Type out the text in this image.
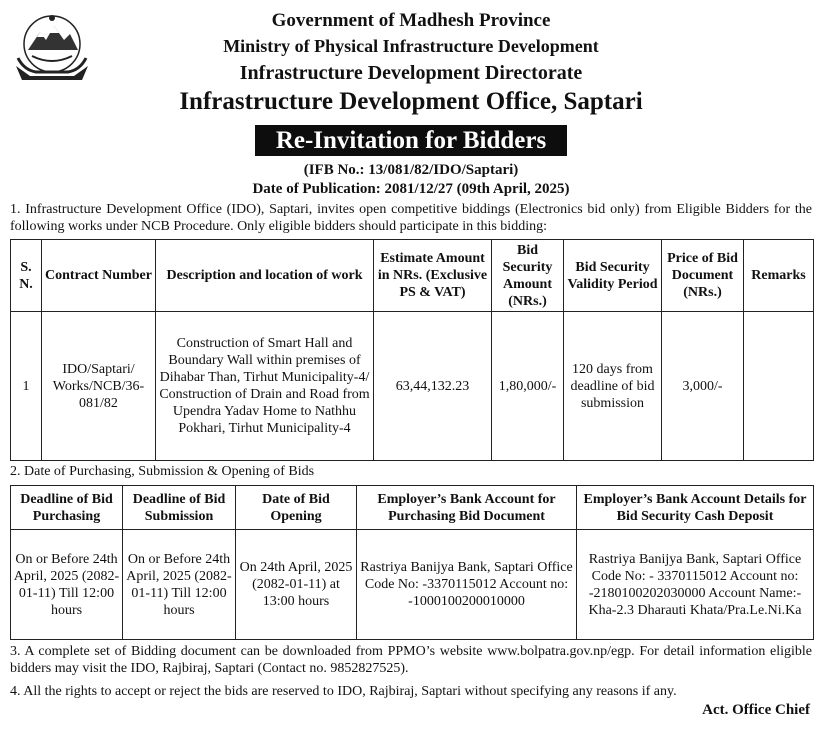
Government of Madhesh Province
Ministry of Physical Infrastructure Development
Infrastructure Development Directorate
Infrastructure Development Office, Saptari
Re-Invitation for Bidders
(IFB No.: 13/081/82/IDO/Saptari)
Date of Publication: 2081/12/27 (09th April, 2025)
1. Infrastructure Development Office (IDO), Saptari, invites open competitive biddings (Electronics bid only) from Eligible Bidders for the following works under NCB Procedure. Only eligible bidders should participate in this bidding:
S. N.	Contract Number	Description and location of work	Estimate Amount in NRs. (Exclusive PS & VAT)	Bid Security Amount (NRs.)	Bid Security Validity Period	Price of Bid Document (NRs.)	Remarks
1	IDO/Saptari/ Works/NCB/36-081/82	Construction of Smart Hall and Boundary Wall within premises of Dihabar Than, Tirhut Municipality-4/ Construction of Drain and Road from Upendra Yadav Home to Nathhu Pokhari, Tirhut Municipality-4	63,44,132.23	1,80,000/-	120 days from deadline of bid submission	3,000/-	
2. Date of Purchasing, Submission & Opening of Bids
Deadline of Bid Purchasing	Deadline of Bid Submission	Date of Bid Opening	Employer’s Bank Account for Purchasing Bid Document	Employer’s Bank Account Details for Bid Security Cash Deposit
On or Before 24th April, 2025 (2082-01-11) Till 12:00 hours	On or Before 24th April, 2025 (2082-01-11) Till 12:00 hours	On 24th April, 2025 (2082-01-11) at 13:00 hours	Rastriya Banijya Bank, Saptari Office Code No: -3370115012 Account no: -1000100200010000	Rastriya Banijya Bank, Saptari Office Code No: - 3370115012 Account no: -2180100202030000 Account Name:-Kha-2.3 Dharauti Khata/Pra.Le.Ni.Ka
3. A complete set of Bidding document can be downloaded from PPMO’s website www.bolpatra.gov.np/egp. For detail information eligible bidders may visit the IDO, Rajbiraj, Saptari (Contact no. 9852827525).
4. All the rights to accept or reject the bids are reserved to IDO, Rajbiraj, Saptari without specifying any reasons if any.
Act. Office Chief
